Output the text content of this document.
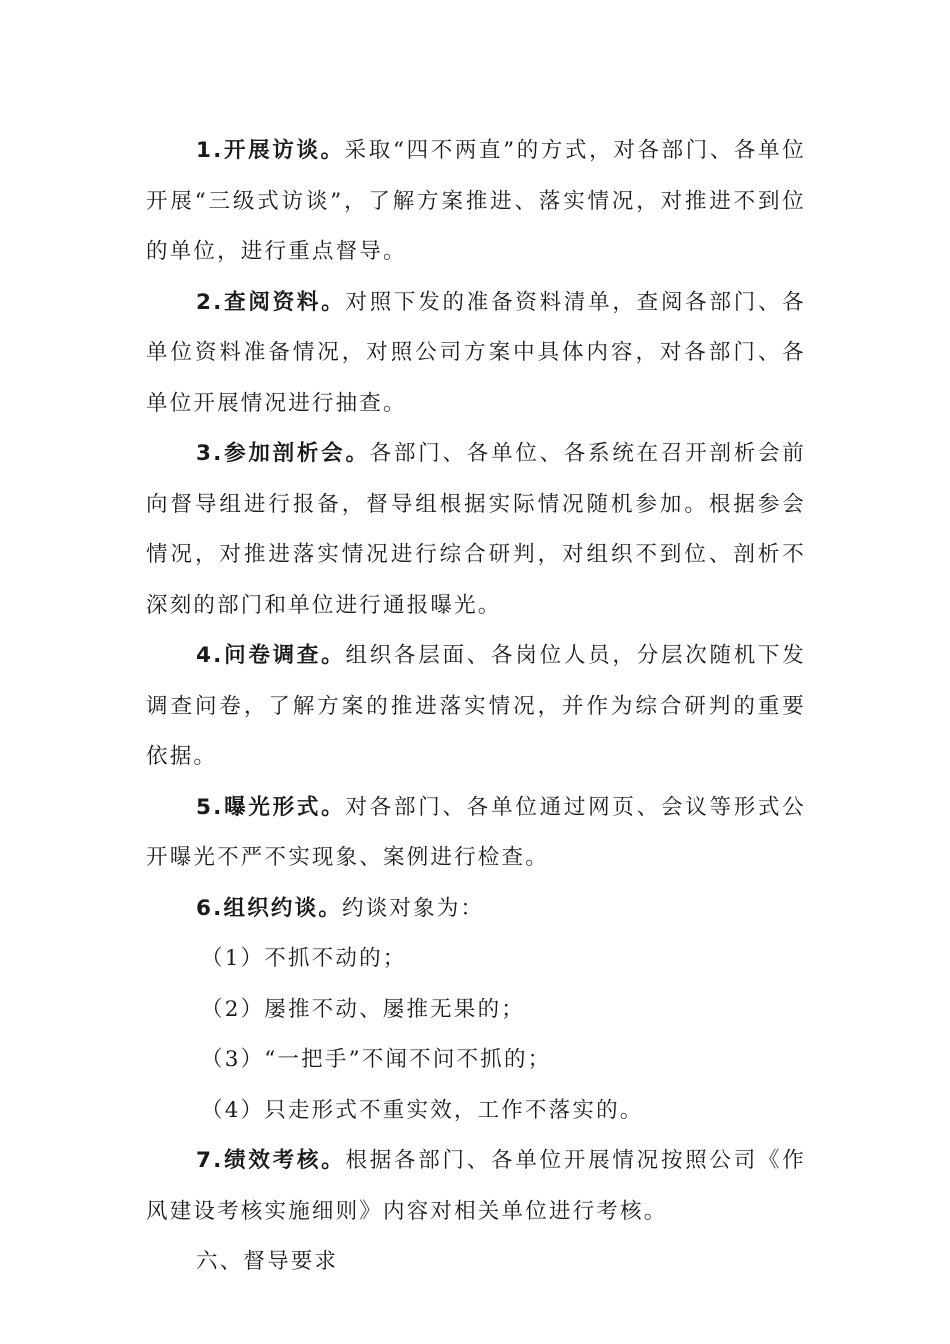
1.开展访谈。采取“四不两直”的方式，对各部门、各单位开展“三级式访谈”，了解方案推进、落实情况，对推进不到位的单位，进行重点督导。

2.查阅资料。对照下发的准备资料清单，查阅各部门、各单位资料准备情况，对照公司方案中具体内容，对各部门、各单位开展情况进行抽查。

3.参加剖析会。各部门、各单位、各系统在召开剖析会前向督导组进行报备，督导组根据实际情况随机参加。根据参会情况，对推进落实情况进行综合研判，对组织不到位、剖析不深刻的部门和单位进行通报曝光。

4.问卷调查。组织各层面、各岗位人员，分层次随机下发调查问卷，了解方案的推进落实情况，并作为综合研判的重要依据。

5.曝光形式。对各部门、各单位通过网页、会议等形式公开曝光不严不实现象、案例进行检查。

6.组织约谈。约谈对象为：

（1）不抓不动的；

（2）屡推不动、屡推无果的；

（3）“一把手”不闻不问不抓的；

（4）只走形式不重实效，工作不落实的。

7.绩效考核。根据各部门、各单位开展情况按照公司《作风建设考核实施细则》内容对相关单位进行考核。

六、督导要求
